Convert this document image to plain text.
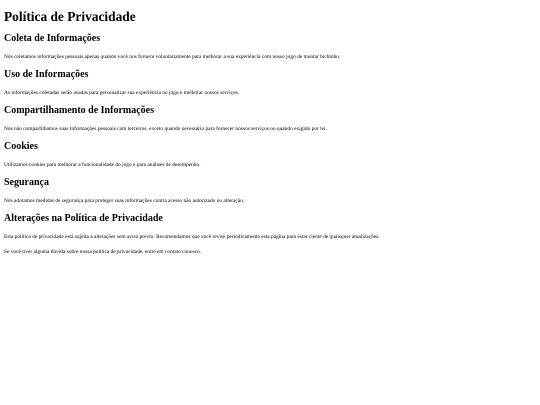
Política de Privacidade
Coleta de Informações

Nós coletamos informações pessoais apenas quando você nos fornece voluntariamente para melhorar a sua experiência com nosso jogo de montar bichinho.

Uso de Informações

As informações coletadas serão usadas para personalizar sua experiência no jogo e melhorar nossos serviços.

Compartilhamento de Informações

Nós não compartilhamos suas informações pessoais com terceiros, exceto quando necessário para fornecer nossos serviços ou quando exigido por lei.

Cookies

Utilizamos cookies para melhorar a funcionalidade do jogo e para análises de desempenho.

Segurança

Nós adotamos medidas de segurança para proteger suas informações contra acesso não autorizado ou alteração.

Alterações na Política de Privacidade

Esta política de privacidade está sujeita a alterações sem aviso prévio. Recomendamos que você revise periodicamente esta página para estar ciente de quaisquer atualizações.

Se você tiver alguma dúvida sobre nossa política de privacidade, entre em contato conosco.
